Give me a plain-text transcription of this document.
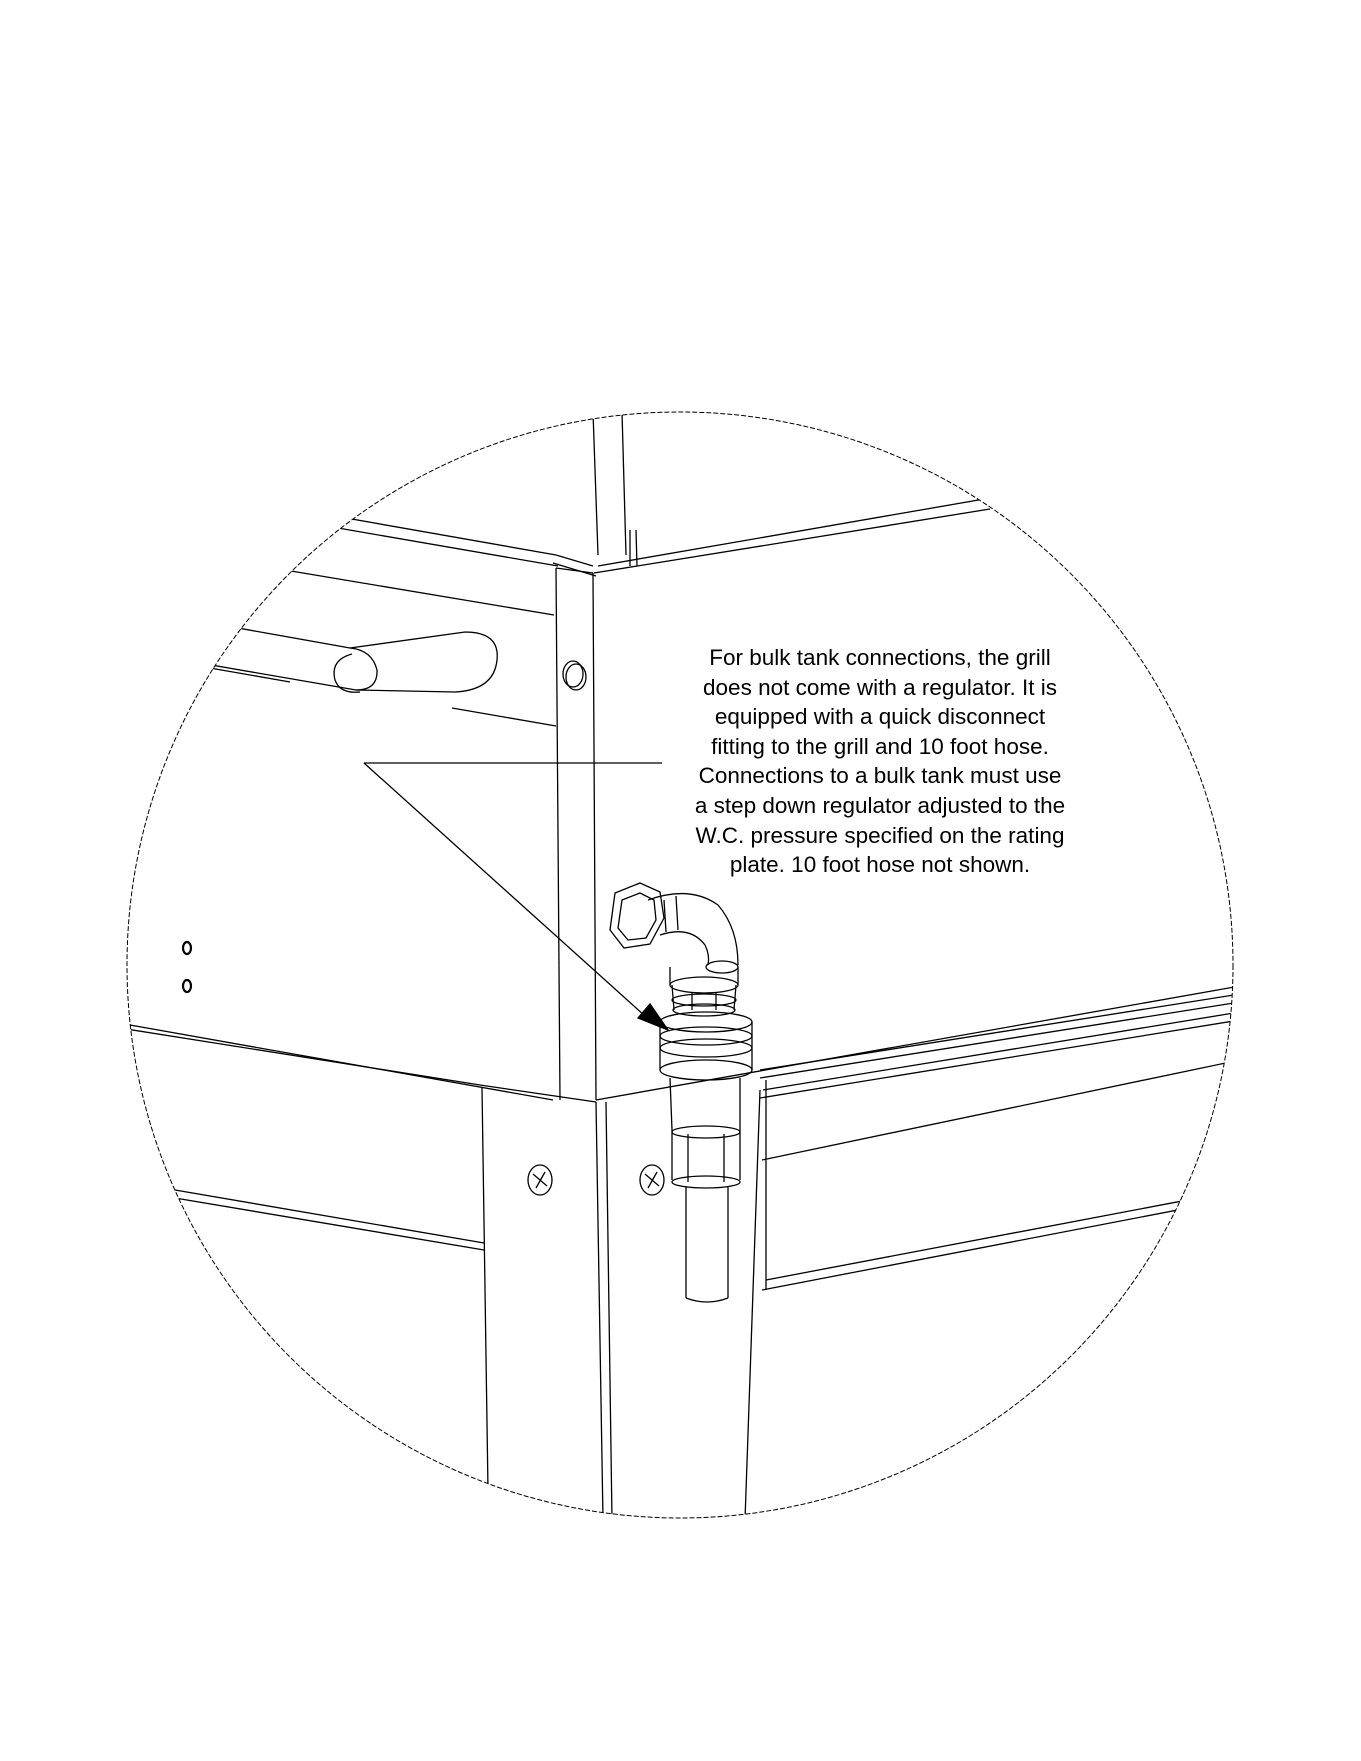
For bulk tank connections, the grill
does not come with a regulator. It is
equipped with a quick disconnect
fitting to the grill and 10 foot hose.
Connections to a bulk tank must use
a step down regulator adjusted to the
W.C. pressure specified on the rating
plate. 10 foot hose not shown.
